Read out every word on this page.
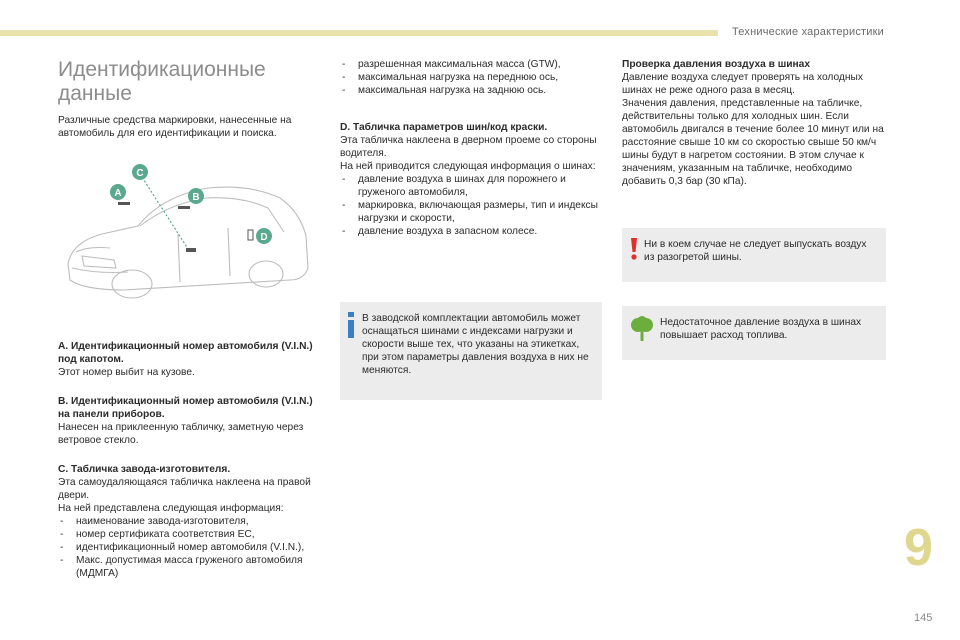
Технические характеристики
Идентификационные данные

Различные средства маркировки, нанесенные на автомобиль для его идентификации и поиска.

A
C
B
D

A. Идентификационный номер автомобиля (V.I.N.) под капотом.

Этот номер выбит на кузове.

B. Идентификационный номер автомобиля (V.I.N.) на панели приборов.

Нанесен на приклеенную табличку, заметную через ветровое стекло.

C. Табличка завода-изготовителя.

Эта самоудаляющаяся табличка наклеена на правой двери.

На ней представлена следующая информация:

- наименование завода-изготовителя,
- номер сертификата соответствия ЕС,
- идентификационный номер автомобиля (V.I.N.),
- Макс. допустимая масса груженого автомобиля (МДМГА)
- разрешенная максимальная масса (GTW),
- максимальная нагрузка на переднюю ось,
- максимальная нагрузка на заднюю ось.

D. Табличка параметров шин/код краски.

Эта табличка наклеена в дверном проеме со стороны водителя.

На ней приводится следующая информация о шинах:

- давление воздуха в шинах для порожнего и груженого автомобиля,
- маркировка, включающая размеры, тип и индексы нагрузки и скорости,
- давление воздуха в запасном колесе.

В заводской комплектации автомобиль может оснащаться шинами с индексами нагрузки и скорости выше тех, что указаны на этикетках, при этом параметры давления воздуха в них не меняются.

Проверка давления воздуха в шинах

Давление воздуха следует проверять на холодных шинах не реже одного раза в месяц.
Значения давления, представленные на табличке, действительны только для холодных шин. Если автомобиль двигался в течение более 10 минут или на расстояние свыше 10 км со скоростью свыше 50 км/ч шины будут в нагретом состоянии. В этом случае к значениям, указанным на табличке, необходимо добавить 0,3 бар (30 кПа).

Ни в коем случае не следует выпускать воздух из разогретой шины.

Недостаточное давление воздуха в шинах повышает расход топлива.

9
145
